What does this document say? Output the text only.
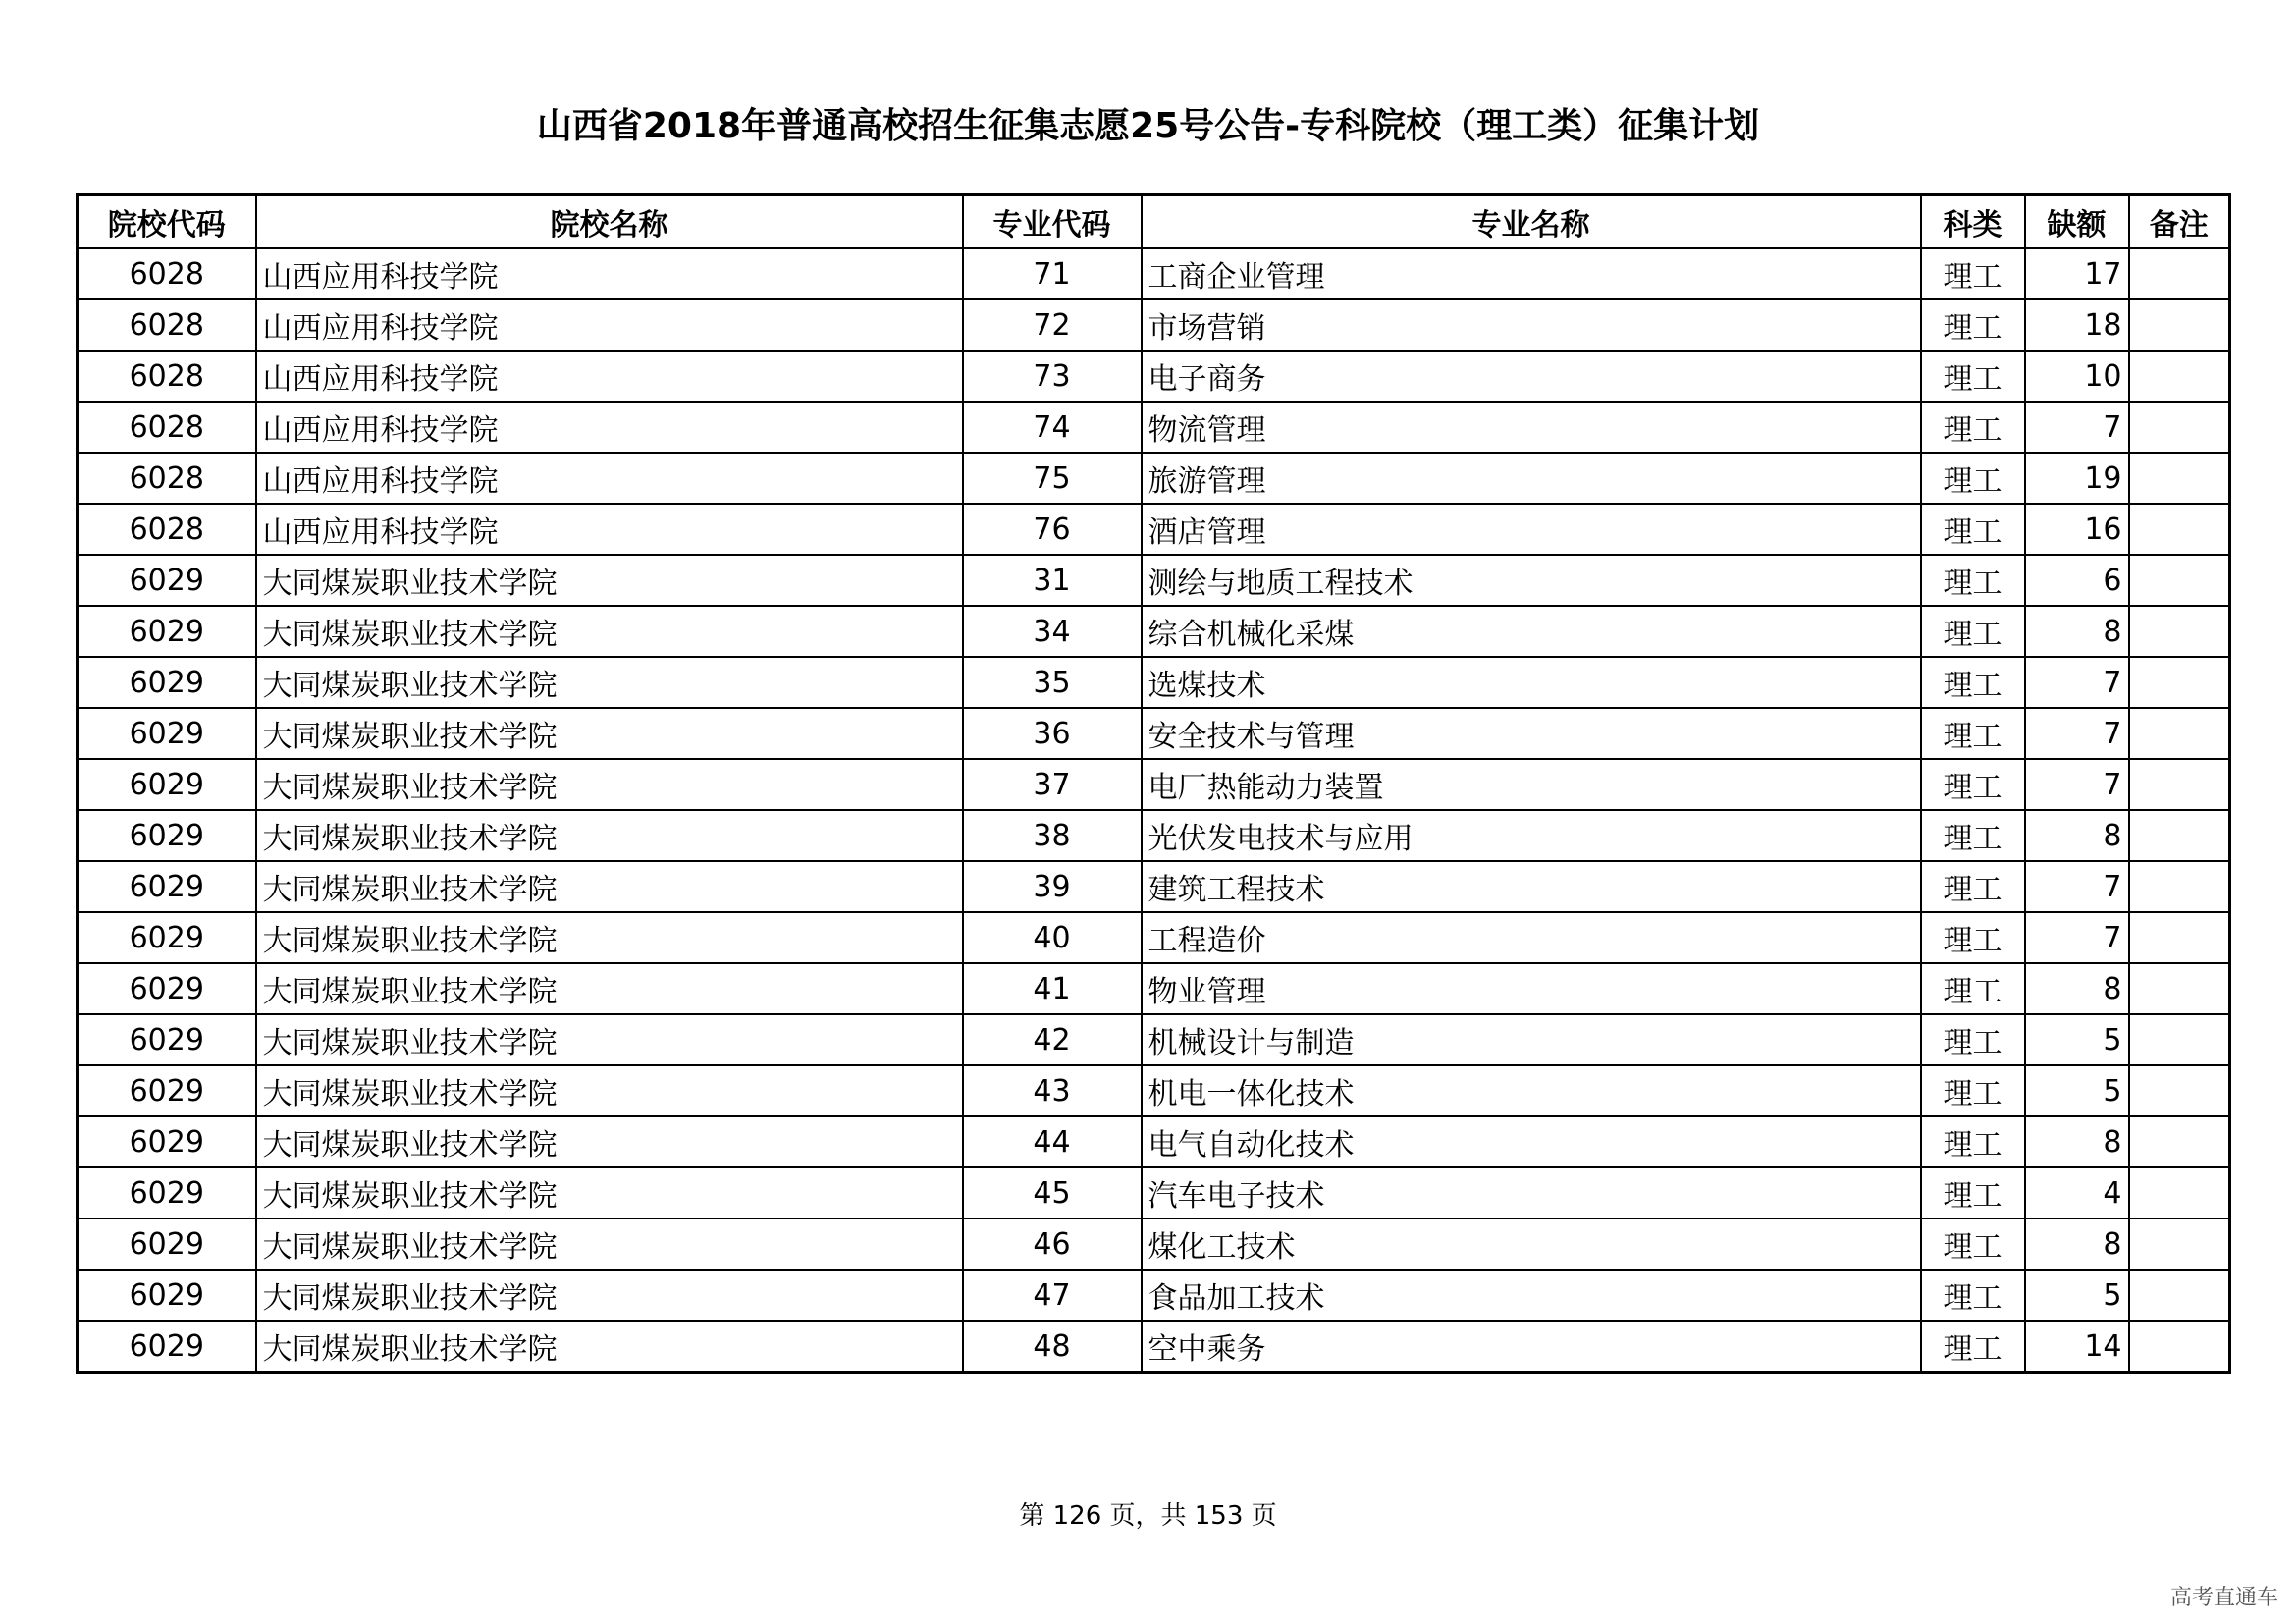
山西省2018年普通高校招生征集志愿25号公告-专科院校（理工类）征集计划
院校代码	院校名称	专业代码	专业名称	科类	缺额	备注
6028	山西应用科技学院	71	工商企业管理	理工	17	
6028	山西应用科技学院	72	市场营销	理工	18	
6028	山西应用科技学院	73	电子商务	理工	10	
6028	山西应用科技学院	74	物流管理	理工	7	
6028	山西应用科技学院	75	旅游管理	理工	19	
6028	山西应用科技学院	76	酒店管理	理工	16	
6029	大同煤炭职业技术学院	31	测绘与地质工程技术	理工	6	
6029	大同煤炭职业技术学院	34	综合机械化采煤	理工	8	
6029	大同煤炭职业技术学院	35	选煤技术	理工	7	
6029	大同煤炭职业技术学院	36	安全技术与管理	理工	7	
6029	大同煤炭职业技术学院	37	电厂热能动力装置	理工	7	
6029	大同煤炭职业技术学院	38	光伏发电技术与应用	理工	8	
6029	大同煤炭职业技术学院	39	建筑工程技术	理工	7	
6029	大同煤炭职业技术学院	40	工程造价	理工	7	
6029	大同煤炭职业技术学院	41	物业管理	理工	8	
6029	大同煤炭职业技术学院	42	机械设计与制造	理工	5	
6029	大同煤炭职业技术学院	43	机电一体化技术	理工	5	
6029	大同煤炭职业技术学院	44	电气自动化技术	理工	8	
6029	大同煤炭职业技术学院	45	汽车电子技术	理工	4	
6029	大同煤炭职业技术学院	46	煤化工技术	理工	8	
6029	大同煤炭职业技术学院	47	食品加工技术	理工	5	
6029	大同煤炭职业技术学院	48	空中乘务	理工	14	
第 126 页，共 153 页
高考直通车
